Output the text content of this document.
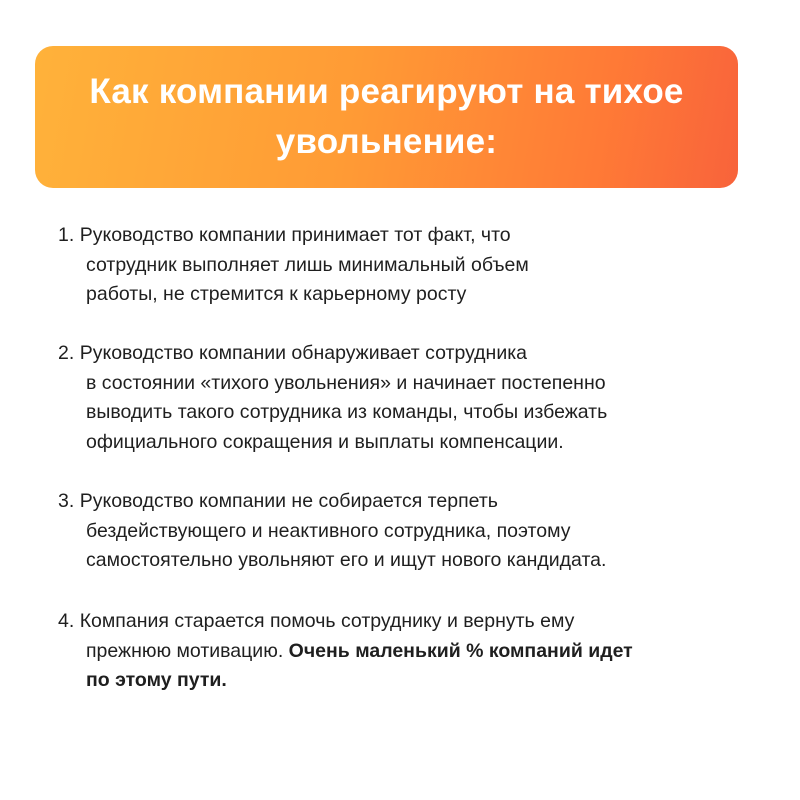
Как компании реагируют на тихое
увольнение:
1. Руководство компании принимает тот факт, что
сотрудник выполняет лишь минимальный объем
работы, не стремится к карьерному росту
2. Руководство компании обнаруживает сотрудника
в состоянии «тихого увольнения» и начинает постепенно
выводить такого сотрудника из команды, чтобы избежать
официального сокращения и выплаты компенсации.
3. Руководство компании не собирается терпеть
бездействующего и неактивного сотрудника, поэтому
самостоятельно увольняют его и ищут нового кандидата.
4. Компания старается помочь сотруднику и вернуть ему
прежнюю мотивацию. Очень маленький % компаний идет
по этому пути.
